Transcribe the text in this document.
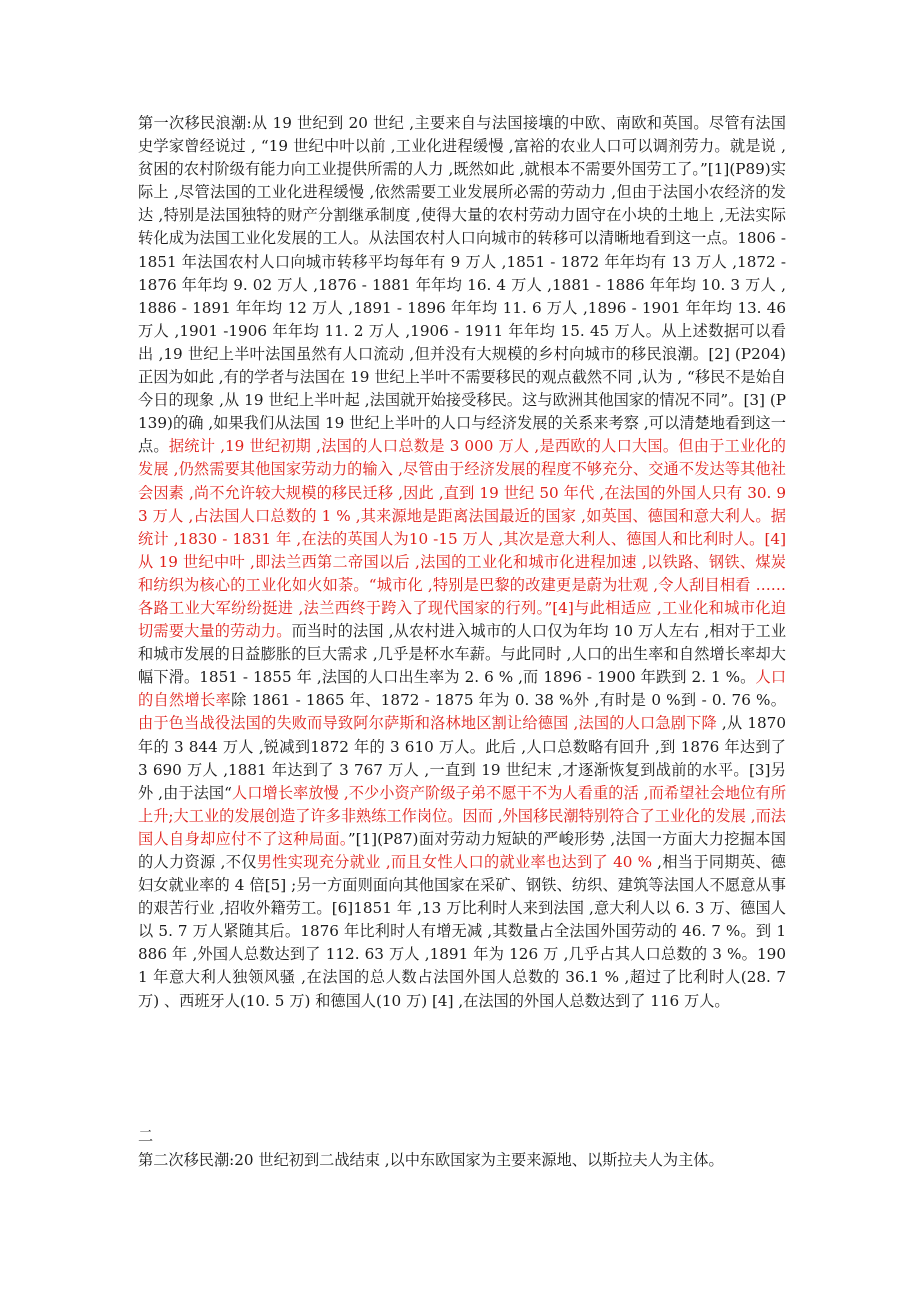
第一次移民浪潮:从 19 世纪到 20 世纪 ,主要来自与法国接壤的中欧、南欧和英国。尽管有法国史学家曾经说过 , “19 世纪中叶以前 ,工业化进程缓慢 ,富裕的农业人口可以调剂劳力。就是说 ,贫困的农村阶级有能力向工业提供所需的人力 ,既然如此 ,就根本不需要外国劳工了。”[1](P89)实际上 ,尽管法国的工业化进程缓慢 ,依然需要工业发展所必需的劳动力 ,但由于法国小农经济的发达 ,特别是法国独特的财产分割继承制度 ,使得大量的农村劳动力固守在小块的土地上 ,无法实际转化成为法国工业化发展的工人。从法国农村人口向城市的转移可以清晰地看到这一点。1806 - 1851 年法国农村人口向城市转移平均每年有 9 万人 ,1851 - 1872 年年均有 13 万人 ,1872 - 1876 年年均 9. 02 万人 ,1876 - 1881 年年均 16. 4 万人 ,1881 - 1886 年年均 10. 3 万人 ,1886 - 1891 年年均 12 万人 ,1891 - 1896 年年均 11. 6 万人 ,1896 - 1901 年年均 13. 46 万人 ,1901 -1906 年年均 11. 2 万人 ,1906 - 1911 年年均 15. 45 万人。从上述数据可以看出 ,19 世纪上半叶法国虽然有人口流动 ,但并没有大规模的乡村向城市的移民浪潮。[2] (P204)正因为如此 ,有的学者与法国在 19 世纪上半叶不需要移民的观点截然不同 ,认为 , “移民不是始自今日的现象 ,从 19 世纪上半叶起 ,法国就开始接受移民。这与欧洲其他国家的情况不同”。[3] (P139)的确 ,如果我们从法国 19 世纪上半叶的人口与经济发展的关系来考察 ,可以清楚地看到这一点。据统计 ,19 世纪初期 ,法国的人口总数是 3 000 万人 ,是西欧的人口大国。但由于工业化的发展 ,仍然需要其他国家劳动力的输入 ,尽管由于经济发展的程度不够充分、交通不发达等其他社会因素 ,尚不允许较大规模的移民迁移 ,因此 ,直到 19 世纪 50 年代 ,在法国的外国人只有 30. 93 万人 ,占法国人口总数的 1 % ,其来源地是距离法国最近的国家 ,如英国、德国和意大利人。据统计 ,1830 - 1831 年 ,在法的英国人为10 -15 万人 ,其次是意大利人、德国人和比利时人。[4]从 19 世纪中叶 ,即法兰西第二帝国以后 ,法国的工业化和城市化进程加速 ,以铁路、钢铁、煤炭和纺织为核心的工业化如火如荼。“城市化 ,特别是巴黎的改建更是蔚为壮观 ,令人刮目相看 ……各路工业大军纷纷挺进 ,法兰西终于跨入了现代国家的行列。”[4]与此相适应 ,工业化和城市化迫切需要大量的劳动力。而当时的法国 ,从农村进入城市的人口仅为年均 10 万人左右 ,相对于工业和城市发展的日益膨胀的巨大需求 ,几乎是杯水车薪。与此同时 ,人口的出生率和自然增长率却大幅下滑。1851 - 1855 年 ,法国的人口出生率为 2. 6 % ,而 1896 - 1900 年跌到 2. 1 %。人口的自然增长率除 1861 - 1865 年、1872 - 1875 年为 0. 38 %外 ,有时是 0 %到 - 0. 76 %。由于色当战役法国的失败而导致阿尔萨斯和洛林地区割让给德国 ,法国的人口急剧下降 ,从 1870 年的 3 844 万人 ,锐减到1872 年的 3 610 万人。此后 ,人口总数略有回升 ,到 1876 年达到了 3 690 万人 ,1881 年达到了 3 767 万人 ,一直到 19 世纪末 ,才逐渐恢复到战前的水平。[3]另外 ,由于法国“人口增长率放慢 ,不少小资产阶级子弟不愿干不为人看重的活 ,而希望社会地位有所上升;大工业的发展创造了许多非熟练工作岗位。因而 ,外国移民潮特别符合了工业化的发展 ,而法国人自身却应付不了这种局面。”[1](P87)面对劳动力短缺的严峻形势 ,法国一方面大力挖掘本国的人力资源 ,不仅男性实现充分就业 ,而且女性人口的就业率也达到了 40 % ,相当于同期英、德妇女就业率的 4 倍[5] ;另一方面则面向其他国家在采矿、钢铁、纺织、建筑等法国人不愿意从事的艰苦行业 ,招收外籍劳工。[6]1851 年 ,13 万比利时人来到法国 ,意大利人以 6. 3 万、德国人以 5. 7 万人紧随其后。1876 年比利时人有增无减 ,其数量占全法国外国劳动的 46. 7 %。到 1886 年 ,外国人总数达到了 112. 63 万人 ,1891 年为 126 万 ,几乎占其人口总数的 3 %。1901 年意大利人独领风骚 ,在法国的总人数占法国外国人总数的 36.1 % ,超过了比利时人(28. 7 万) 、西班牙人(10. 5 万) 和德国人(10 万) [4] ,在法国的外国人总数达到了 116 万人。
二
第二次移民潮:20 世纪初到二战结束 ,以中东欧国家为主要来源地、以斯拉夫人为主体。
